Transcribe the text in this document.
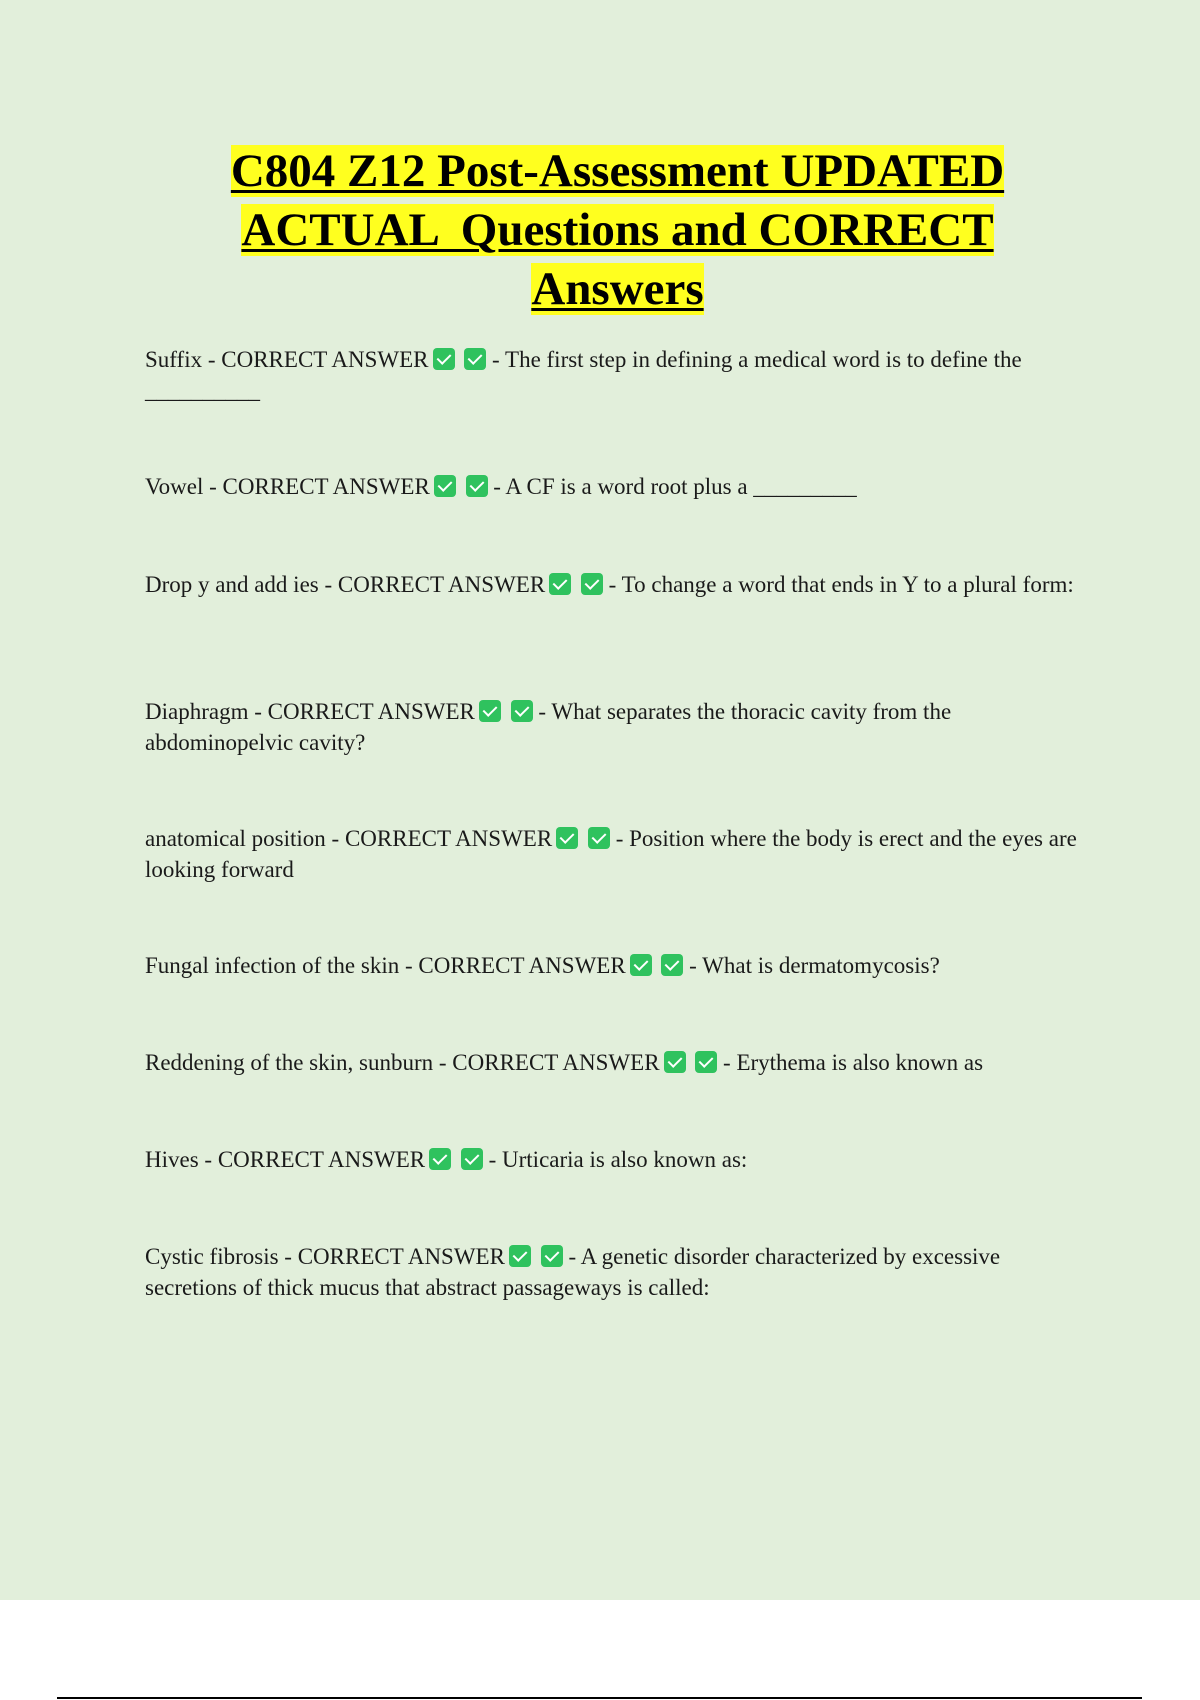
C804 Z12 Post-Assessment UPDATED
ACTUAL  Questions and CORRECT
Answers
Suffix - CORRECT ANSWER	- The first step in defining a medical word is to define the __________
Vowel - CORRECT ANSWER	- A CF is a word root plus a _________
Drop y and add ies - CORRECT ANSWER	- To change a word that ends in Y to a plural form:
Diaphragm - CORRECT ANSWER	- What separates the thoracic cavity from the abdominopelvic cavity?
anatomical position - CORRECT ANSWER	- Position where the body is erect and the eyes are looking forward
Fungal infection of the skin - CORRECT ANSWER	- What is dermatomycosis?
Reddening of the skin, sunburn - CORRECT ANSWER	- Erythema is also known as
Hives - CORRECT ANSWER	- Urticaria is also known as:
Cystic fibrosis - CORRECT ANSWER	- A genetic disorder characterized by excessive secretions of thick mucus that abstract passageways is called:
